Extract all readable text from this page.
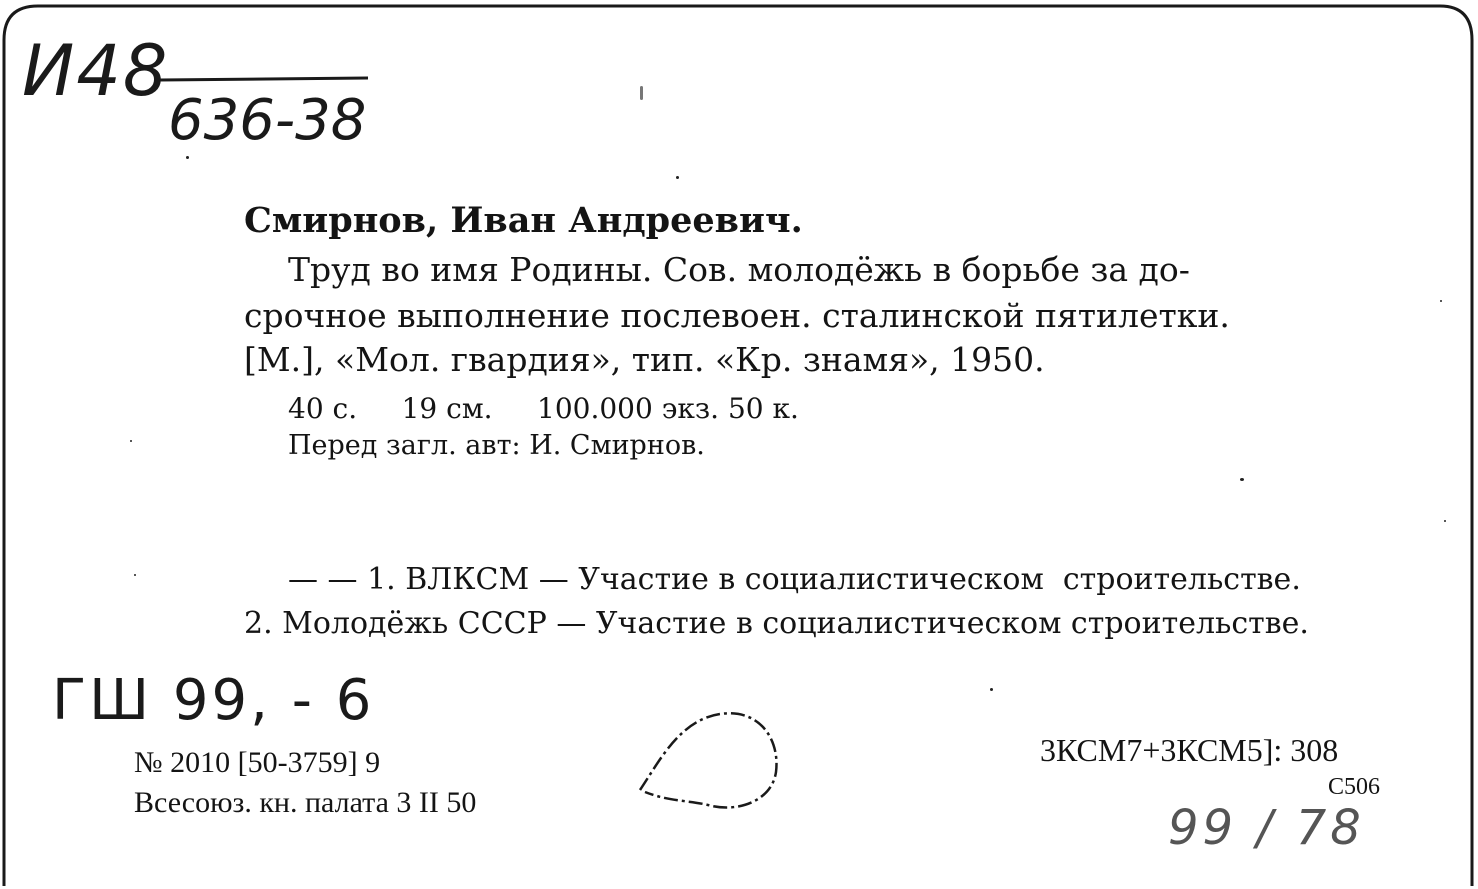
И48
636-38
Смирнов, Иван Андреевич.
Труд во имя Родины. Сов. молодёжь в борьбе за до-
срочное выполнение послевоен. сталинской пятилетки.
[М.], «Мол. гвардия», тип. «Кр. знамя», 1950.
40 с.     19 см.     100.000 экз. 50 к.
Перед загл. авт: И. Смирнов.
— — 1. ВЛКСМ — Участие в социалистическом  строительстве.
2. Молодёжь СССР — Участие в социалистическом строительстве.
ГШ 99, - 6
№ 2010 [50-3759] 9
Всесоюз. кн. палата 3 II 50
3КСМ7+3КСМ5]: 308
С506
99 / 78
